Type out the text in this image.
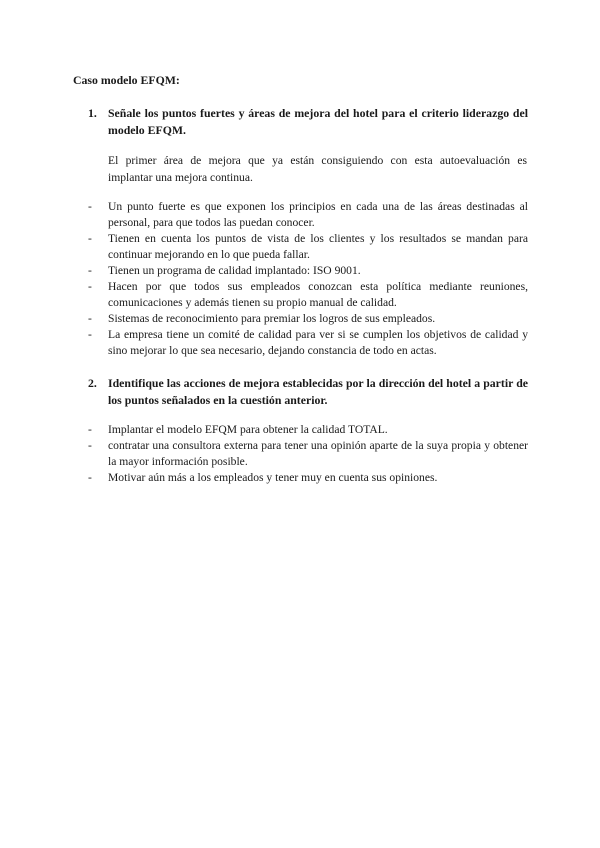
Caso modelo EFQM:

1. Señale los puntos fuertes y áreas de mejora del hotel para el criterio liderazgo del modelo EFQM.
El primer área de mejora que ya están consiguiendo con esta autoevaluación es
implantar una mejora continua.
- Un punto fuerte es que exponen los principios en cada una de las áreas destinadas al personal, para que todos las puedan conocer.
- Tienen en cuenta los puntos de vista de los clientes y los resultados se mandan para continuar mejorando en lo que pueda fallar.
- Tienen un programa de calidad implantado: ISO 9001.
- Hacen por que todos sus empleados conozcan esta política mediante reuniones, comunicaciones y además tienen su propio manual de calidad.
- Sistemas de reconocimiento para premiar los logros de sus empleados.
- La empresa tiene un comité de calidad para ver si se cumplen los objetivos de calidad y sino mejorar lo que sea necesario, dejando constancia de todo en actas.
2. Identifique las acciones de mejora establecidas por la dirección del hotel a partir de los puntos señalados en la cuestión anterior.
- Implantar el modelo EFQM para obtener la calidad TOTAL.
- contratar una consultora externa para tener una opinión aparte de la suya propia y obtener la mayor información posible.
- Motivar aún más a los empleados y tener muy en cuenta sus opiniones.
